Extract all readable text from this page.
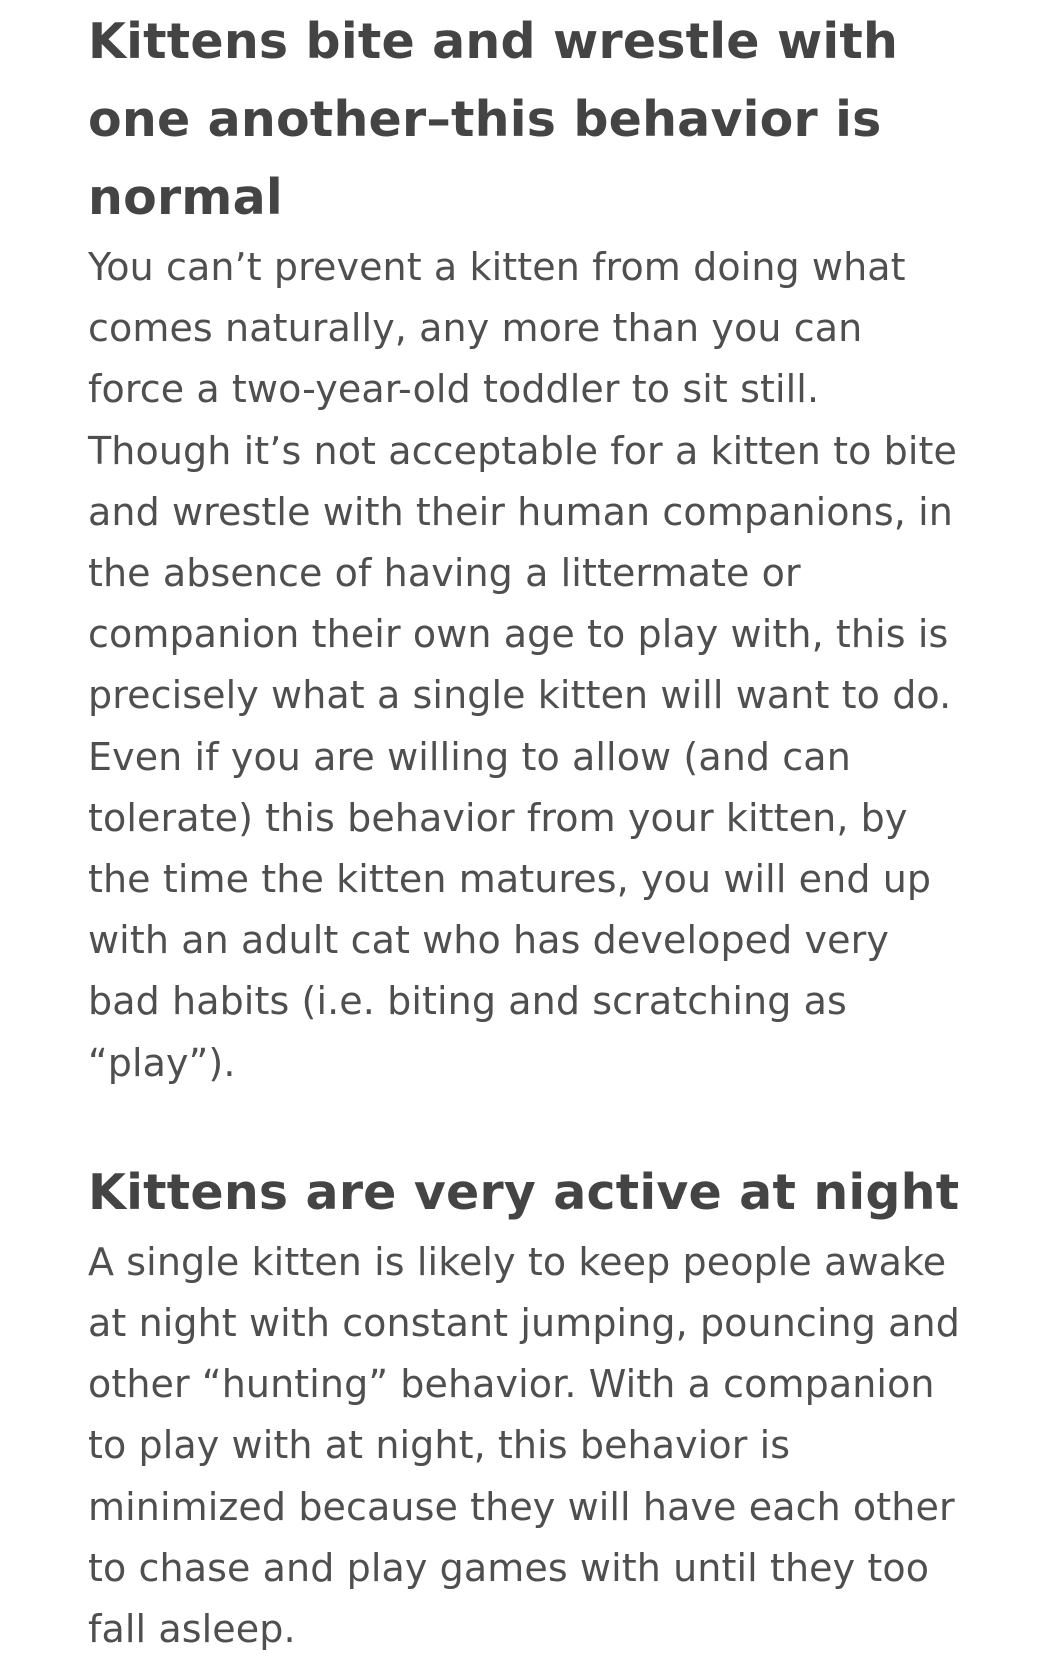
Kittens bite and wrestle with one another–this behavior is normal

You can’t prevent a kitten from doing what comes naturally, any more than you can force a two-year-old toddler to sit still. Though it’s not acceptable for a kitten to bite and wrestle with their human companions, in the absence of having a littermate or companion their own age to play with, this is precisely what a single kitten will want to do. Even if you are willing to allow (and can tolerate) this behavior from your kitten, by the time the kitten matures, you will end up with an adult cat who has developed very bad habits (i.e. biting and scratching as “play”).

Kittens are very active at night

A single kitten is likely to keep people awake at night with constant jumping, pouncing and other “hunting” behavior. With a companion to play with at night, this behavior is minimized because they will have each other to chase and play games with until they too fall asleep.
